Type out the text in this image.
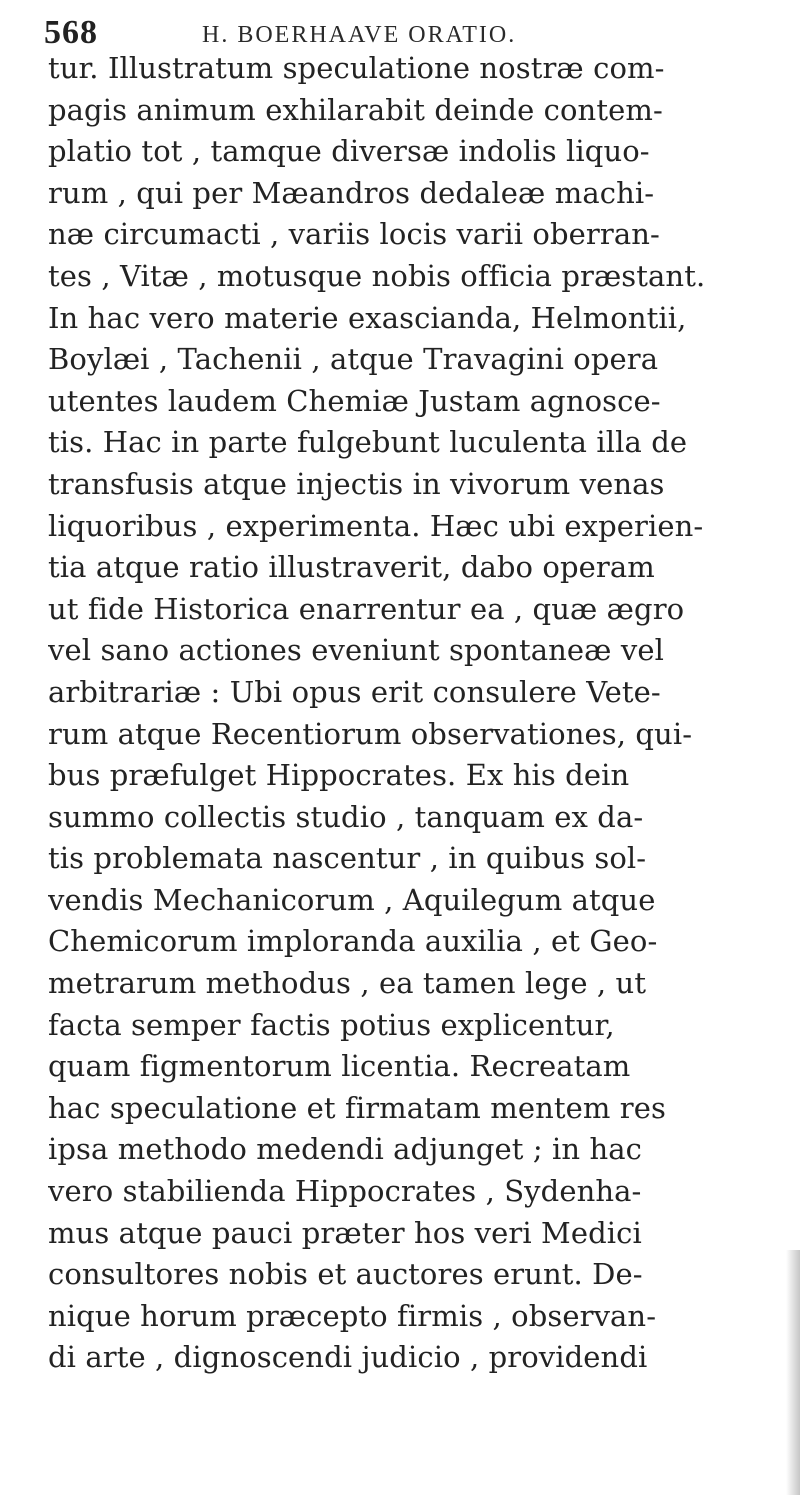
568	H. BOERHAAVE ORATIO.
tur. Illustratum speculatione nostræ com-
pagis animum exhilarabit deinde contem-
platio tot , tamque diversæ indolis liquo-
rum , qui per Mæandros dedaleæ machi-
næ circumacti , variis locis varii oberran-
tes , Vitæ , motusque nobis officia præstant.
In hac vero materie exascianda, Helmontii,
Boylæi , Tachenii , atque Travagini opera
utentes laudem Chemiæ Justam agnosce-
tis. Hac in parte fulgebunt luculenta illa de
transfusis atque injectis in vivorum venas
liquoribus , experimenta. Hæc ubi experien-
tia atque ratio illustraverit, dabo operam
ut fide Historica enarrentur ea , quæ ægro
vel sano actiones eveniunt spontaneæ vel
arbitrariæ : Ubi opus erit consulere Vete-
rum atque Recentiorum observationes, qui-
bus præfulget Hippocrates. Ex his dein
summo collectis studio , tanquam ex da-
tis problemata nascentur , in quibus sol-
vendis Mechanicorum , Aquilegum atque
Chemicorum imploranda auxilia , et Geo-
metrarum methodus , ea tamen lege , ut
facta semper factis potius explicentur,
quam figmentorum licentia. Recreatam
hac speculatione et firmatam mentem res
ipsa methodo medendi adjunget ; in hac
vero stabilienda Hippocrates , Sydenha-
mus atque pauci præter hos veri Medici
consultores nobis et auctores erunt. De-
nique horum præcepto firmis , observan-
di arte , dignoscendi judicio , providendi
